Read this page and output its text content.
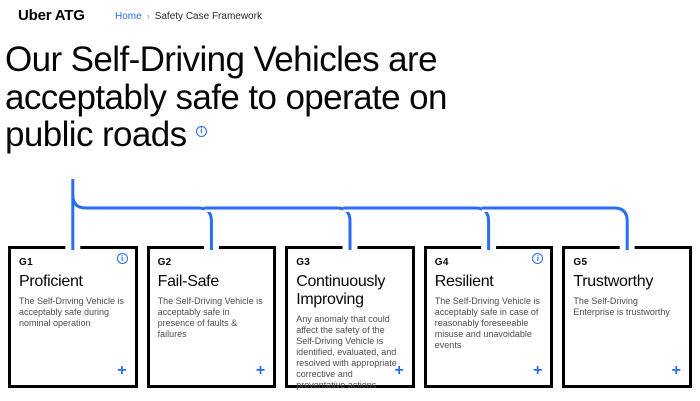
Uber ATG	Home › Safety Case Framework
Our Self-Driving Vehicles are
acceptably safe to operate on
public roads i
G1	i
Proficient

The Self-Driving Vehicle is acceptably safe during nominal operation

+
G2
Fail-Safe

The Self-Driving Vehicle is acceptably safe in presence of faults & failures

+
G3
Continuously Improving

Any anomaly that could affect the safety of the Self-Driving Vehicle is identified, evaluated, and resolved with appropriate corrective and preventative actions

+
G4	i
Resilient

The Self-Driving Vehicle is acceptably safe in case of reasonably foreseeable misuse and unavoidable events

+
G5
Trustworthy

The Self-Driving Enterprise is trustworthy

+
